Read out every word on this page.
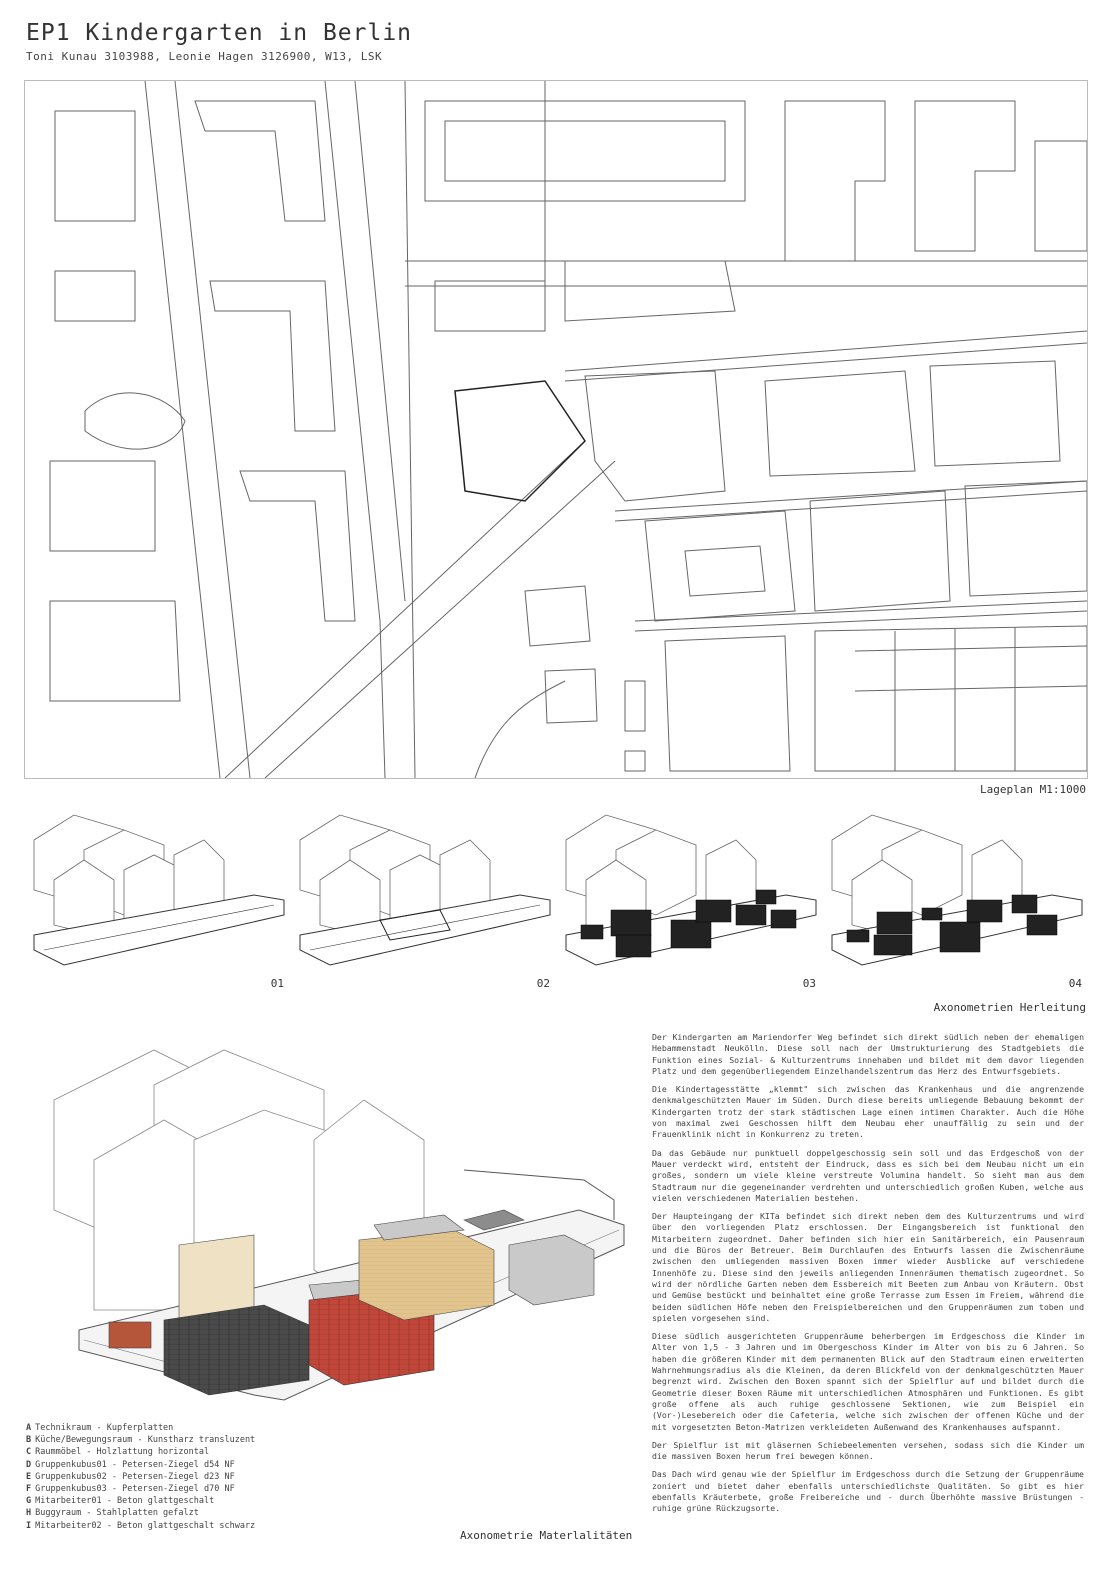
EP1 Kindergarten in Berlin
Toni Kunau 3103988, Leonie Hagen 3126900, W13, LSK
Lageplan M1:1000
01	02	03	04
Axonometrien Herleitung
A Technikraum - Kupferplatten
B Küche/Bewegungsraum - Kunstharz transluzent
C Raummöbel - Holzlattung horizontal
D Gruppenkubus01 - Petersen-Ziegel d54 NF
E Gruppenkubus02 - Petersen-Ziegel d23 NF
F Gruppenkubus03 - Petersen-Ziegel d70 NF
G Mitarbeiter01 - Beton glattgeschalt
H Buggyraum - Stahlplatten gefalzt
I Mitarbeiter02 - Beton glattgeschalt schwarz
Axonometrie Materlalitäten

Der Kindergarten am Mariendorfer Weg befindet sich direkt südlich neben der ehemaligen Hebammenstadt Neukölln. Diese soll nach der Umstrukturierung des Stadtgebiets die Funktion eines Sozial- & Kulturzentrums innehaben und bildet mit dem davor liegenden Platz und dem gegenüberliegendem Einzelhandelszentrum das Herz des Entwurfsgebiets.

Die Kindertagesstätte „klemmt" sich zwischen das Krankenhaus und die angrenzende denkmalgeschützten Mauer im Süden. Durch diese bereits umliegende Bebauung bekommt der Kindergarten trotz der stark städtischen Lage einen intimen Charakter. Auch die Höhe von maximal zwei Geschossen hilft dem Neubau eher unauffällig zu sein und der Frauenklinik nicht in Konkurrenz zu treten.

Da das Gebäude nur punktuell doppelgeschossig sein soll und das Erdgeschoß von der Mauer verdeckt wird, entsteht der Eindruck, dass es sich bei dem Neubau nicht um ein großes, sondern um viele kleine verstreute Volumina handelt. So sieht man aus dem Stadtraum nur die gegeneinander verdrehten und unterschiedlich großen Kuben, welche aus vielen verschiedenen Materialien bestehen.

Der Haupteingang der KITa befindet sich direkt neben dem des Kulturzentrums und wird über den vorliegenden Platz erschlossen. Der Eingangsbereich ist funktional den Mitarbeitern zugeordnet. Daher befinden sich hier ein Sanitärbereich, ein Pausenraum und die Büros der Betreuer. Beim Durchlaufen des Entwurfs lassen die Zwischenräume zwischen den umliegenden massiven Boxen immer wieder Ausblicke auf verschiedene Innenhöfe zu. Diese sind den jeweils anliegenden Innenräumen thematisch zugeordnet. So wird der nördliche Garten neben dem Essbereich mit Beeten zum Anbau von Kräutern. Obst und Gemüse bestückt und beinhaltet eine große Terrasse zum Essen im Freiem, während die beiden südlichen Höfe neben den Freispielbereichen und den Gruppenräumen zum toben und spielen vorgesehen sind.

Diese südlich ausgerichteten Gruppenräume beherbergen im Erdgeschoss die Kinder im Alter von 1,5 - 3 Jahren und im Obergeschoss Kinder im Alter von bis zu 6 Jahren. So haben die größeren Kinder mit dem permanenten Blick auf den Stadtraum einen erweiterten Wahrnehmungsradius als die Kleinen, da deren Blickfeld von der denkmalgeschützten Mauer begrenzt wird. Zwischen den Boxen spannt sich der Spielflur auf und bildet durch die Geometrie dieser Boxen Räume mit unterschiedlichen Atmosphären und Funktionen. Es gibt große offene als auch ruhige geschlossene Sektionen, wie zum Beispiel ein (Vor-)Lesebereich oder die Cafeteria, welche sich zwischen der offenen Küche und der mit vorgesetzten Beton-Matrizen verkleideten Außenwand des Krankenhauses aufspannt.

Der Spielflur ist mit gläsernen Schiebeelementen versehen, sodass sich die Kinder um die massiven Boxen herum frei bewegen können.

Das Dach wird genau wie der Spielflur im Erdgeschoss durch die Setzung der Gruppenräume zoniert und bietet daher ebenfalls unterschiedlichste Qualitäten. So gibt es hier ebenfalls Kräuterbete, große Freibereiche und - durch Überhöhte massive Brüstungen - ruhige grüne Rückzugsorte.
